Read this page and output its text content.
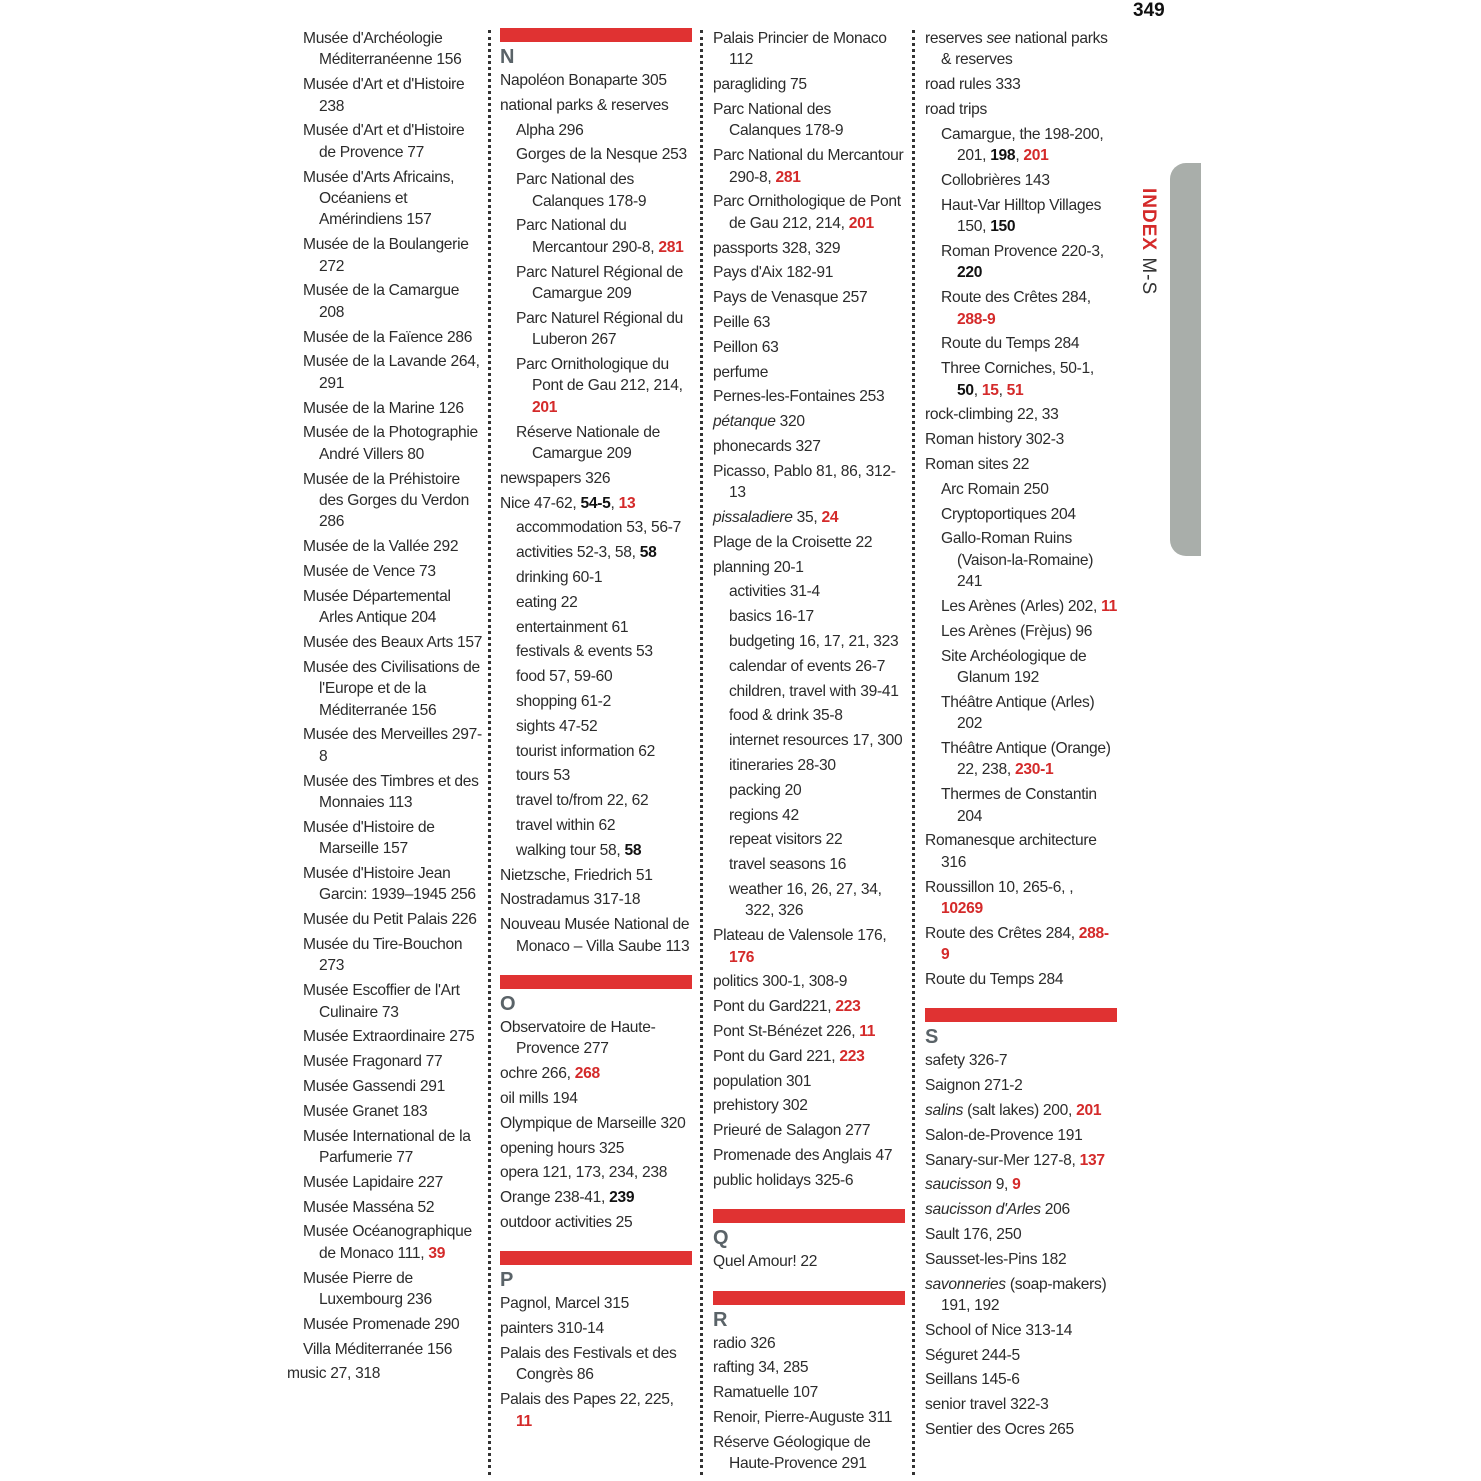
349
INDEX M-S
Musée d'Archéologie Méditerranéenne 156
Musée d'Art et d'Histoire 238
Musée d'Art et d'Histoire de Provence 77
Musée d'Arts Africains, Océaniens et Amérindiens 157
Musée de la Boulangerie 272
Musée de la Camargue 208
Musée de la Faïence 286
Musée de la Lavande 264, 291
Musée de la Marine 126
Musée de la Photographie André Villers 80
Musée de la Préhistoire des Gorges du Verdon 286
Musée de la Vallée 292
Musée de Vence 73
Musée Départemental Arles Antique 204
Musée des Beaux Arts 157
Musée des Civilisations de l'Europe et de la Méditerranée 156
Musée des Merveilles 297-8
Musée des Timbres et des Monnaies 113
Musée d'Histoire de Marseille 157
Musée d'Histoire Jean Garcin: 1939–1945 256
Musée du Petit Palais 226
Musée du Tire-Bouchon 273
Musée Escoffier de l'Art Culinaire 73
Musée Extraordinaire 275
Musée Fragonard 77
Musée Gassendi 291
Musée Granet 183
Musée International de la Parfumerie 77
Musée Lapidaire 227
Musée Masséna 52
Musée Océanographique de Monaco 111, 39
Musée Pierre de Luxembourg 236
Musée Promenade 290
Villa Méditerranée 156
music 27, 318
N
Napoléon Bonaparte 305
national parks & reserves
Alpha 296
Gorges de la Nesque 253
Parc National des Calanques 178-9
Parc National du Mercantour 290-8, 281
Parc Naturel Régional de Camargue 209
Parc Naturel Régional du Luberon 267
Parc Ornithologique du Pont de Gau 212, 214, 201
Réserve Nationale de Camargue 209
newspapers 326
Nice 47-62, 54-5, 13
accommodation 53, 56-7
activities 52-3, 58, 58
drinking 60-1
eating 22
entertainment 61
festivals & events 53
food 57, 59-60
shopping 61-2
sights 47-52
tourist information 62
tours 53
travel to/from 22, 62
travel within 62
walking tour 58, 58
Nietzsche, Friedrich 51
Nostradamus 317-18
Nouveau Musée National de Monaco – Villa Saube 113
O
Observatoire de Haute-Provence 277
ochre 266, 268
oil mills 194
Olympique de Marseille 320
opening hours 325
opera 121, 173, 234, 238
Orange 238-41, 239
outdoor activities 25
P
Pagnol, Marcel 315
painters 310-14
Palais des Festivals et des Congrès 86
Palais des Papes 22, 225, 11
Palais Princier de Monaco 112
paragliding 75
Parc National des Calanques 178-9
Parc National du Mercantour 290-8, 281
Parc Ornithologique de Pont de Gau 212, 214, 201
passports 328, 329
Pays d'Aix 182-91
Pays de Venasque 257
Peille 63
Peillon 63
perfume
Pernes-les-Fontaines 253
pétanque 320
phonecards 327
Picasso, Pablo 81, 86, 312-13
pissaladiere 35, 24
Plage de la Croisette 22
planning 20-1
activities 31-4
basics 16-17
budgeting 16, 17, 21, 323
calendar of events 26-7
children, travel with 39-41
food & drink 35-8
internet resources 17, 300
itineraries 28-30
packing 20
regions 42
repeat visitors 22
travel seasons 16
weather 16, 26, 27, 34, 322, 326
Plateau de Valensole 176, 176
politics 300-1, 308-9
Pont du Gard221, 223
Pont St-Bénézet 226, 11
Pont du Gard 221, 223
population 301
prehistory 302
Prieuré de Salagon 277
Promenade des Anglais 47
public holidays 325-6
Q
Quel Amour! 22
R
radio 326
rafting 34, 285
Ramatuelle 107
Renoir, Pierre-Auguste 311
Réserve Géologique de Haute-Provence 291
reserves see national parks & reserves
road rules 333
road trips
Camargue, the 198-200, 201, 198, 201
Collobrières 143
Haut-Var Hilltop Villages 150, 150
Roman Provence 220-3, 220
Route des Crêtes 284, 288-9
Route du Temps 284
Three Corniches, 50-1, 50, 15, 51
rock-climbing 22, 33
Roman history 302-3
Roman sites 22
Arc Romain 250
Cryptoportiques 204
Gallo-Roman Ruins (Vaison-la-Romaine) 241
Les Arènes (Arles) 202, 11
Les Arènes (Frèjus) 96
Site Archéologique de Glanum 192
Théâtre Antique (Arles) 202
Théâtre Antique (Orange) 22, 238, 230-1
Thermes de Constantin 204
Romanesque architecture 316
Roussillon 10, 265-6, , 10269
Route des Crêtes 284, 288-9
Route du Temps 284
S
safety 326-7
Saignon 271-2
salins (salt lakes) 200, 201
Salon-de-Provence 191
Sanary-sur-Mer 127-8, 137
saucisson 9, 9
saucisson d'Arles 206
Sault 176, 250
Sausset-les-Pins 182
savonneries (soap-makers) 191, 192
School of Nice 313-14
Séguret 244-5
Seillans 145-6
senior travel 322-3
Sentier des Ocres 265
